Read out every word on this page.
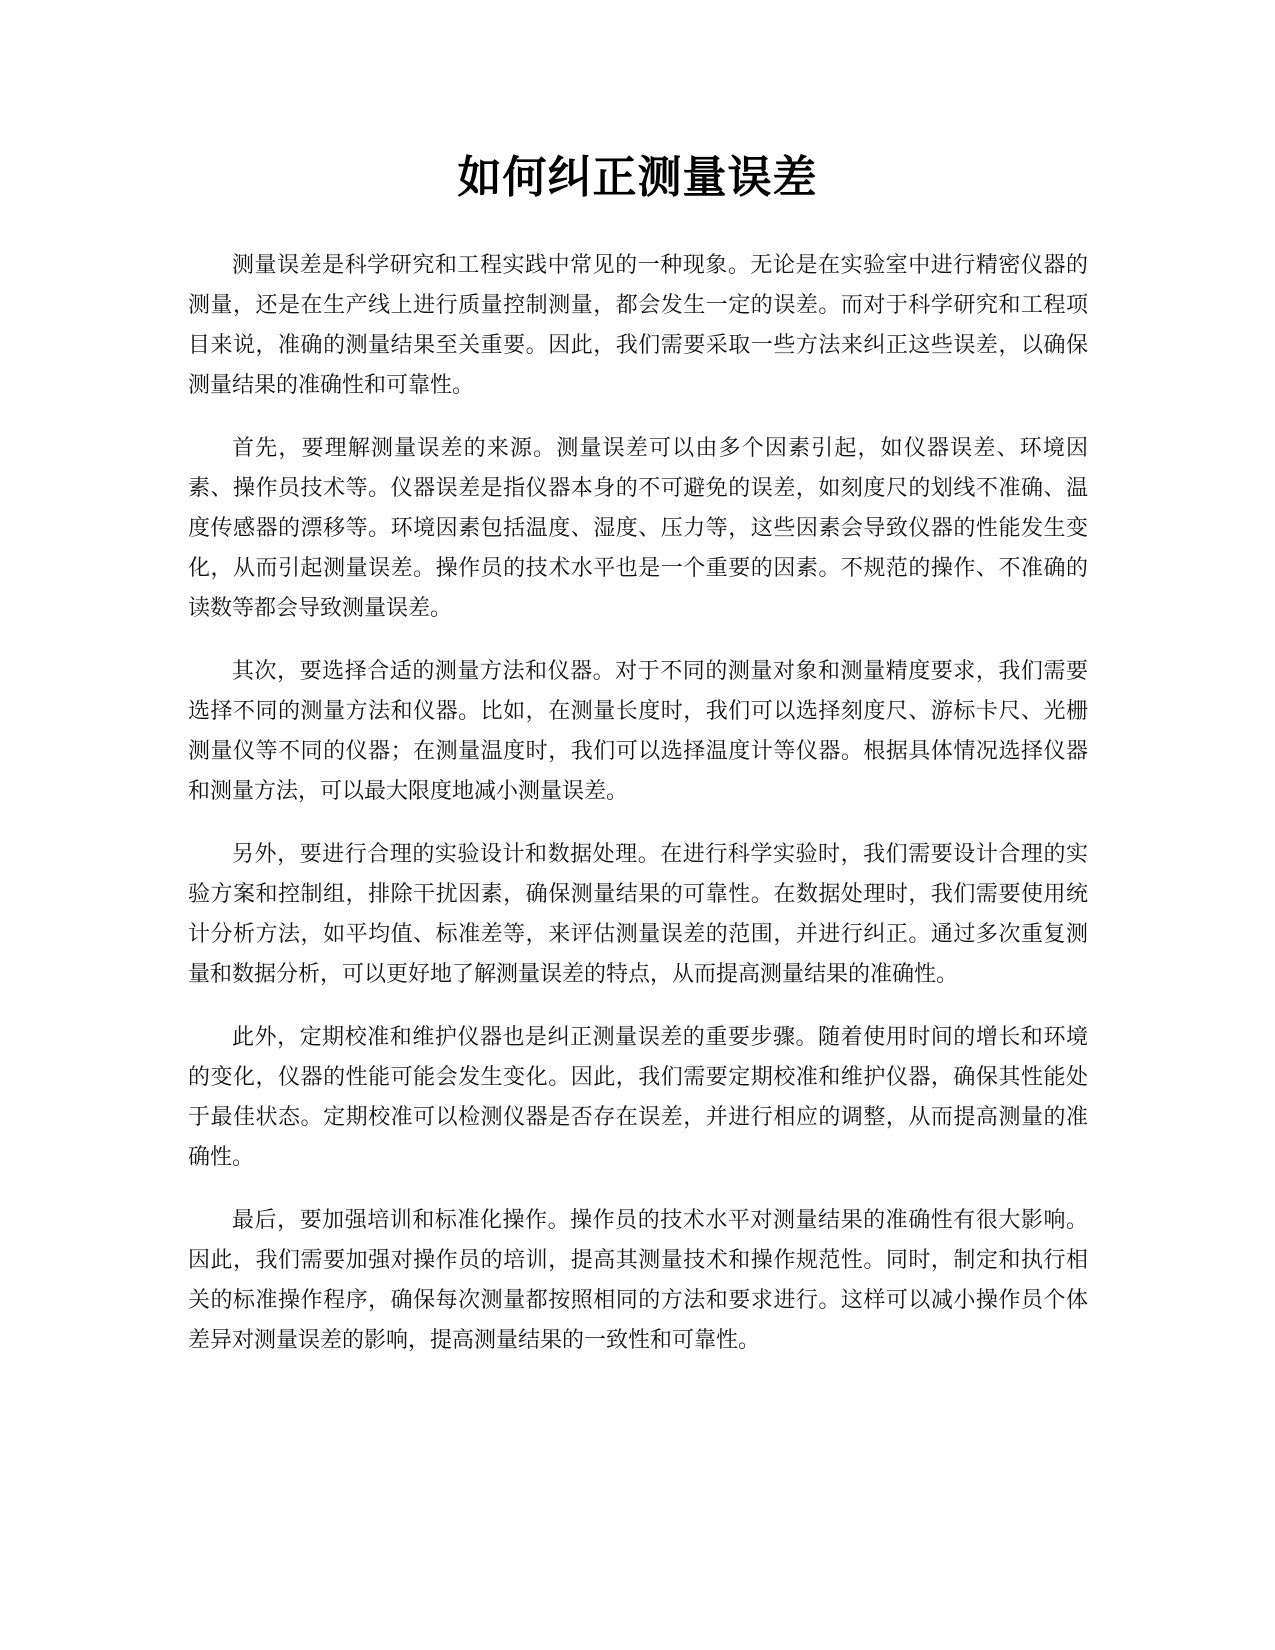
如何纠正测量误差

测量误差是科学研究和工程实践中常见的一种现象。无论是在实验室中进行精密仪器的测量，还是在生产线上进行质量控制测量，都会发生一定的误差。而对于科学研究和工程项目来说，准确的测量结果至关重要。因此，我们需要采取一些方法来纠正这些误差，以确保测量结果的准确性和可靠性。

首先，要理解测量误差的来源。测量误差可以由多个因素引起，如仪器误差、环境因素、操作员技术等。仪器误差是指仪器本身的不可避免的误差，如刻度尺的划线不准确、温度传感器的漂移等。环境因素包括温度、湿度、压力等，这些因素会导致仪器的性能发生变化，从而引起测量误差。操作员的技术水平也是一个重要的因素。不规范的操作、不准确的读数等都会导致测量误差。

其次，要选择合适的测量方法和仪器。对于不同的测量对象和测量精度要求，我们需要选择不同的测量方法和仪器。比如，在测量长度时，我们可以选择刻度尺、游标卡尺、光栅测量仪等不同的仪器；在测量温度时，我们可以选择温度计等仪器。根据具体情况选择仪器和测量方法，可以最大限度地减小测量误差。

另外，要进行合理的实验设计和数据处理。在进行科学实验时，我们需要设计合理的实验方案和控制组，排除干扰因素，确保测量结果的可靠性。在数据处理时，我们需要使用统计分析方法，如平均值、标准差等，来评估测量误差的范围，并进行纠正。通过多次重复测量和数据分析，可以更好地了解测量误差的特点，从而提高测量结果的准确性。

此外，定期校准和维护仪器也是纠正测量误差的重要步骤。随着使用时间的增长和环境的变化，仪器的性能可能会发生变化。因此，我们需要定期校准和维护仪器，确保其性能处于最佳状态。定期校准可以检测仪器是否存在误差，并进行相应的调整，从而提高测量的准确性。

最后，要加强培训和标准化操作。操作员的技术水平对测量结果的准确性有很大影响。因此，我们需要加强对操作员的培训，提高其测量技术和操作规范性。同时，制定和执行相关的标准操作程序，确保每次测量都按照相同的方法和要求进行。这样可以减小操作员个体差异对测量误差的影响，提高测量结果的一致性和可靠性。
